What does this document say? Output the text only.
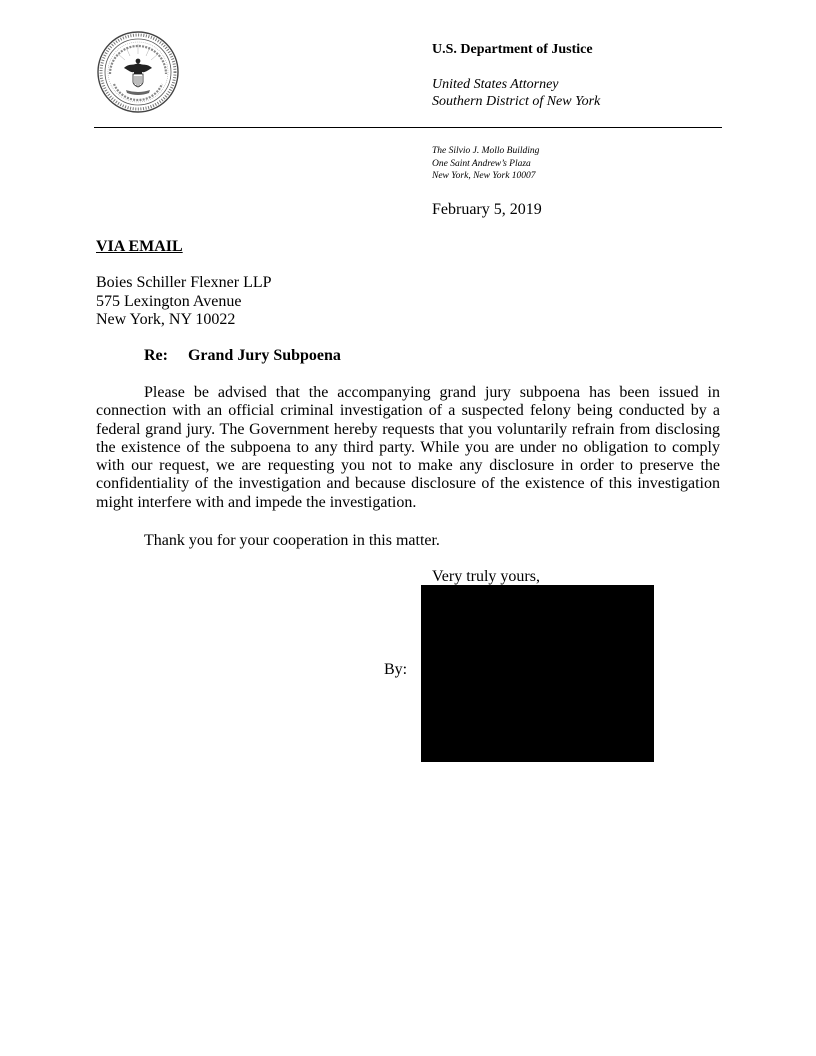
U.S. Department of Justice
United States Attorney
Southern District of New York
The Silvio J. Mollo Building
One Saint Andrew’s Plaza
New York, New York 10007
February 5, 2019
VIA EMAIL
Boies Schiller Flexner LLP
575 Lexington Avenue
New York, NY 10022
Re: Grand Jury Subpoena
Please be advised that the accompanying grand jury subpoena has been issued in connection with an official criminal investigation of a suspected felony being conducted by a federal grand jury. The Government hereby requests that you voluntarily refrain from disclosing the existence of the subpoena to any third party. While you are under no obligation to comply with our request, we are requesting you not to make any disclosure in order to preserve the confidentiality of the investigation and because disclosure of the existence of this investigation might interfere with and impede the investigation.
Thank you for your cooperation in this matter.
Very truly yours,
By:
